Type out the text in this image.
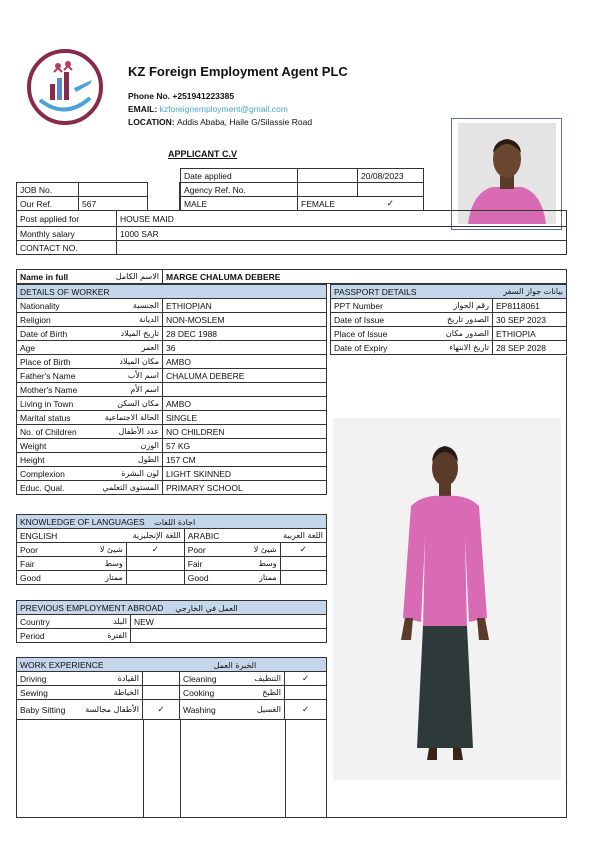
KZ Foreign Employment Agent PLC
Phone No. +251941223385
EMAIL: kzforeignemployment@gmail.com
LOCATION: Addis Ababa, Haile G/Silassie Road
APPLICANT C.V
Date applied		20/08/2023
Agency Ref. No.		
MALE	FEMALE	✓
JOB No.	
Our Ref.	567
Post applied for	HOUSE MAID
Monthly salary	1000 SAR
CONTACT NO.	
Name in full	الاسم الكامل	MARGE CHALUMA DEBERE
DETAILS OF WORKER		
Nationality	الجنسية	ETHIOPIAN
Religion	الديانة	NON-MOSLEM
Date of Birth	تاريخ الميلاد	28 DEC 1988
Age	العمر	36
Place of Birth	مكان الميلاد	AMBO
Father's Name	اسم الأب	CHALUMA DEBERE
Mother's Name	اسم الأم	
Living in Town	مكان السكن	AMBO
Marital status	الحالة الاجتماعية	SINGLE
No. of Children	عدد الأطفال	NO CHILDREN
Weight	الوزن	57 KG
Height	الطول	157 CM
Complexion	لون البشرة	LIGHT SKINNED
Educ. Qual.	المستوى التعلمي	PRIMARY SCHOOL
PASSPORT DETAILS		بيانات جواز السفر
PPT Number	رقم الجواز	EP8118061
Date of Issue	الصدور تاريخ	30 SEP 2023
Place of Issue	الصدور مكان	ETHIOPIA
Date of Expiry	تاريخ الانتهاء	28 SEP 2028
KNOWLEDGE OF LANGUAGES اجادة اللغات					
ENGLISH		اللغة الإنجليزية	ARABIC		اللغة العربية
Poor	شيئ لا	✓	Poor	شيئ لا	✓
Fair	وسط		Fair	وسط	
Good	ممتاز		Good	ممتاز	
PREVIOUS EMPLOYMENT ABROAD العمل في الخارجي		
Country	البلد	NEW
Period	الفترة	
WORK EXPERIENCE الخبرة العمل					
Driving	القيادة		Cleaning	التنظيف	✓
Sewing	الخياطة		Cooking	الطبخ	
Baby Sitting	الأطفال مجالسة	✓	Washing	الغسيل	✓
